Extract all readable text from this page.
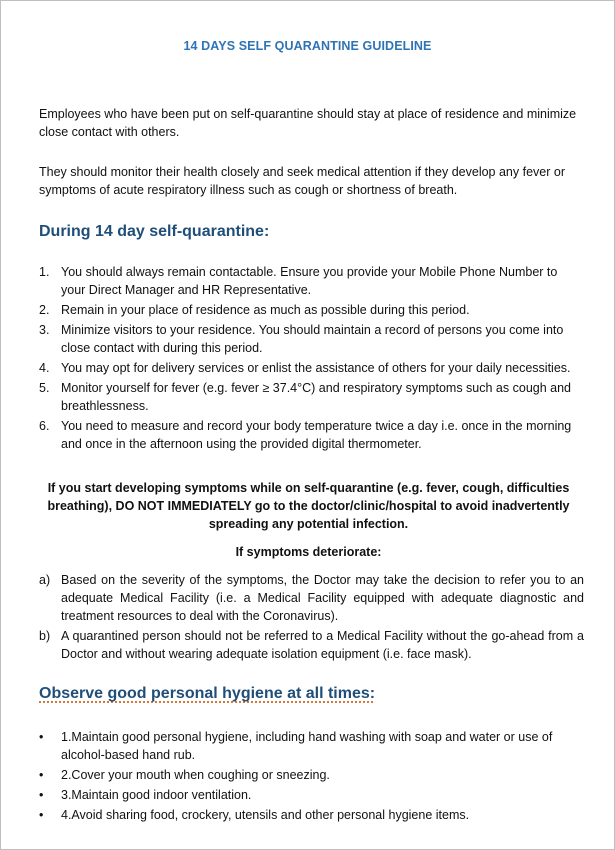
14 DAYS SELF QUARANTINE GUIDELINE

Employees who have been put on self-quarantine should stay at place of residence and minimize close contact with others.

They should monitor their health closely and seek medical attention if they develop any fever or symptoms of acute respiratory illness such as cough or shortness of breath.

During 14 day self-quarantine:
1. You should always remain contactable. Ensure you provide your Mobile Phone Number to your Direct Manager and HR Representative.
2. Remain in your place of residence as much as possible during this period.
3. Minimize visitors to your residence. You should maintain a record of persons you come into close contact with during this period.
4. You may opt for delivery services or enlist the assistance of others for your daily necessities.
5. Monitor yourself for fever (e.g. fever ≥ 37.4°C) and respiratory symptoms such as cough and breathlessness.
6. You need to measure and record your body temperature twice a day i.e. once in the morning and once in the afternoon using the provided digital thermometer.

If you start developing symptoms while on self-quarantine (e.g. fever, cough, difficulties breathing), DO NOT IMMEDIATELY go to the doctor/clinic/hospital to avoid inadvertently spreading any potential infection.

If symptoms deteriorate:

a) Based on the severity of the symptoms, the Doctor may take the decision to refer you to an adequate Medical Facility (i.e. a Medical Facility equipped with adequate diagnostic and treatment resources to deal with the Coronavirus).
b) A quarantined person should not be referred to a Medical Facility without the go-ahead from a Doctor and without wearing adequate isolation equipment (i.e. face mask).
Observe good personal hygiene at all times:
• 1.Maintain good personal hygiene, including hand washing with soap and water or use of alcohol-based hand rub.
• 2.Cover your mouth when coughing or sneezing.
• 3.Maintain good indoor ventilation.
• 4.Avoid sharing food, crockery, utensils and other personal hygiene items.
